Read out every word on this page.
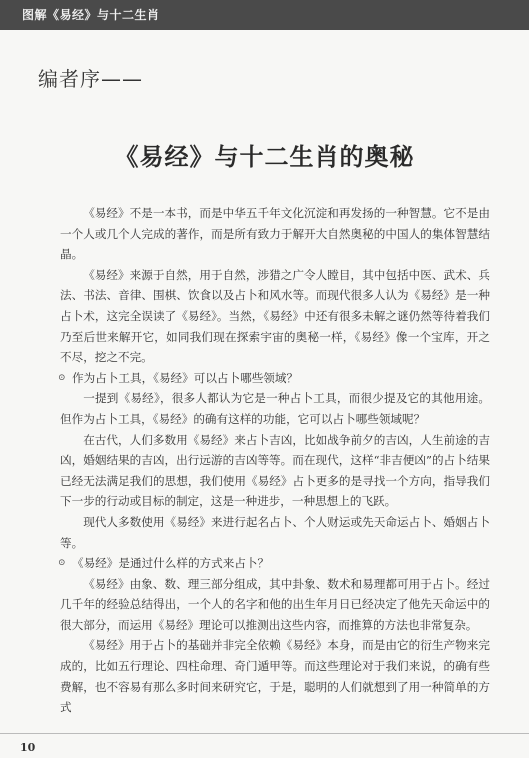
图解《易经》与十二生肖
编者序——
《易经》与十二生肖的奥秘

《易经》不是一本书，而是中华五千年文化沉淀和再发扬的一种智慧。它不是由一个人或几个人完成的著作，而是所有致力于解开大自然奥秘的中国人的集体智慧结晶。

《易经》来源于自然，用于自然，涉猎之广令人瞠目，其中包括中医、武术、兵法、书法、音律、围棋、饮食以及占卜和风水等。而现代很多人认为《易经》是一种占卜术，这完全误读了《易经》。当然，《易经》中还有很多未解之谜仍然等待着我们乃至后世来解开它，如同我们现在探索宇宙的奥秘一样，《易经》像一个宝库，开之不尽，挖之不完。

⊙ 作为占卜工具，《易经》可以占卜哪些领域？

一提到《易经》，很多人都认为它是一种占卜工具，而很少提及它的其他用途。但作为占卜工具，《易经》的确有这样的功能，它可以占卜哪些领域呢？

在古代，人们多数用《易经》来占卜吉凶，比如战争前夕的吉凶，人生前途的吉凶，婚姻结果的吉凶，出行远游的吉凶等等。而在现代，这样“非吉便凶”的占卜结果已经无法满足我们的思想，我们使用《易经》占卜更多的是寻找一个方向，指导我们下一步的行动或目标的制定，这是一种进步，一种思想上的飞跃。

现代人多数使用《易经》来进行起名占卜、个人财运或先天命运占卜、婚姻占卜等。

⊙ 《易经》是通过什么样的方式来占卜？

《易经》由象、数、理三部分组成，其中卦象、数术和易理都可用于占卜。经过几千年的经验总结得出，一个人的名字和他的出生年月日已经决定了他先天命运中的很大部分，而运用《易经》理论可以推测出这些内容，而推算的方法也非常复杂。

《易经》用于占卜的基础并非完全依赖《易经》本身，而是由它的衍生产物来完成的，比如五行理论、四柱命理、奇门遁甲等。而这些理论对于我们来说，的确有些费解，也不容易有那么多时间来研究它，于是，聪明的人们就想到了用一种简单的方式

10
